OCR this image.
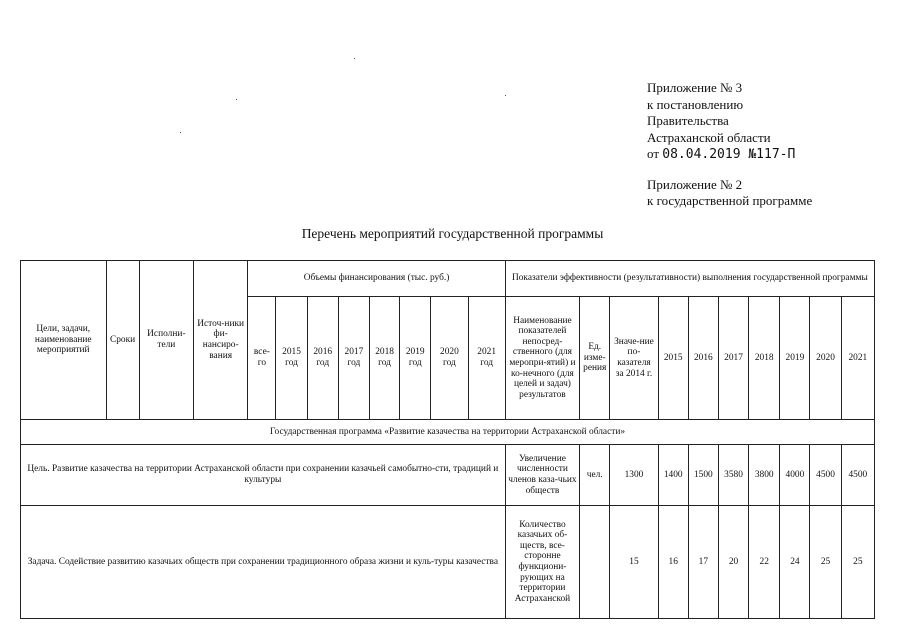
Приложение № 3
к постановлению
Правительства
Астраханской области
от 08.04.2019 №117-П
Приложение № 2
к государственной программе
Перечень мероприятий государственной программы
Цели, задачи, наименование мероприятий	Сроки	Исполни-тели	Источ-ники фи-нансиро-вания	Объемы финансирования (тыс. руб.)								Показатели эффективности (результативности) выполнения государственной программы									
				все-го	2015 год	2016 год	2017 год	2018 год	2019 год	2020 год	2021 год	Наименование показателей непосред-ственного (для меропри-ятий) и ко-нечного (для целей и задач) результатов	Ед. изме-рения	Значе-ние по-казателя за 2014 г.	2015	2016	2017	2018	2019	2020	2021
Государственная программа «Развитие казачества на территории Астраханской области»																					
Цель. Развитие казачества на территории Астраханской области при сохранении казачьей самобытно-сти, традиций и культуры												Увеличение численности членов каза-чьих обществ	чел.	1300	1400	1500	3580	3800	4000	4500	4500
Задача. Содействие развитию казачьих обществ при сохранении традиционного образа жизни и куль-туры казачества												Количество казачьих об-ществ, все-сторонне функциони-рующих на территории Астраханской		15	16	17	20	22	24	25	25
